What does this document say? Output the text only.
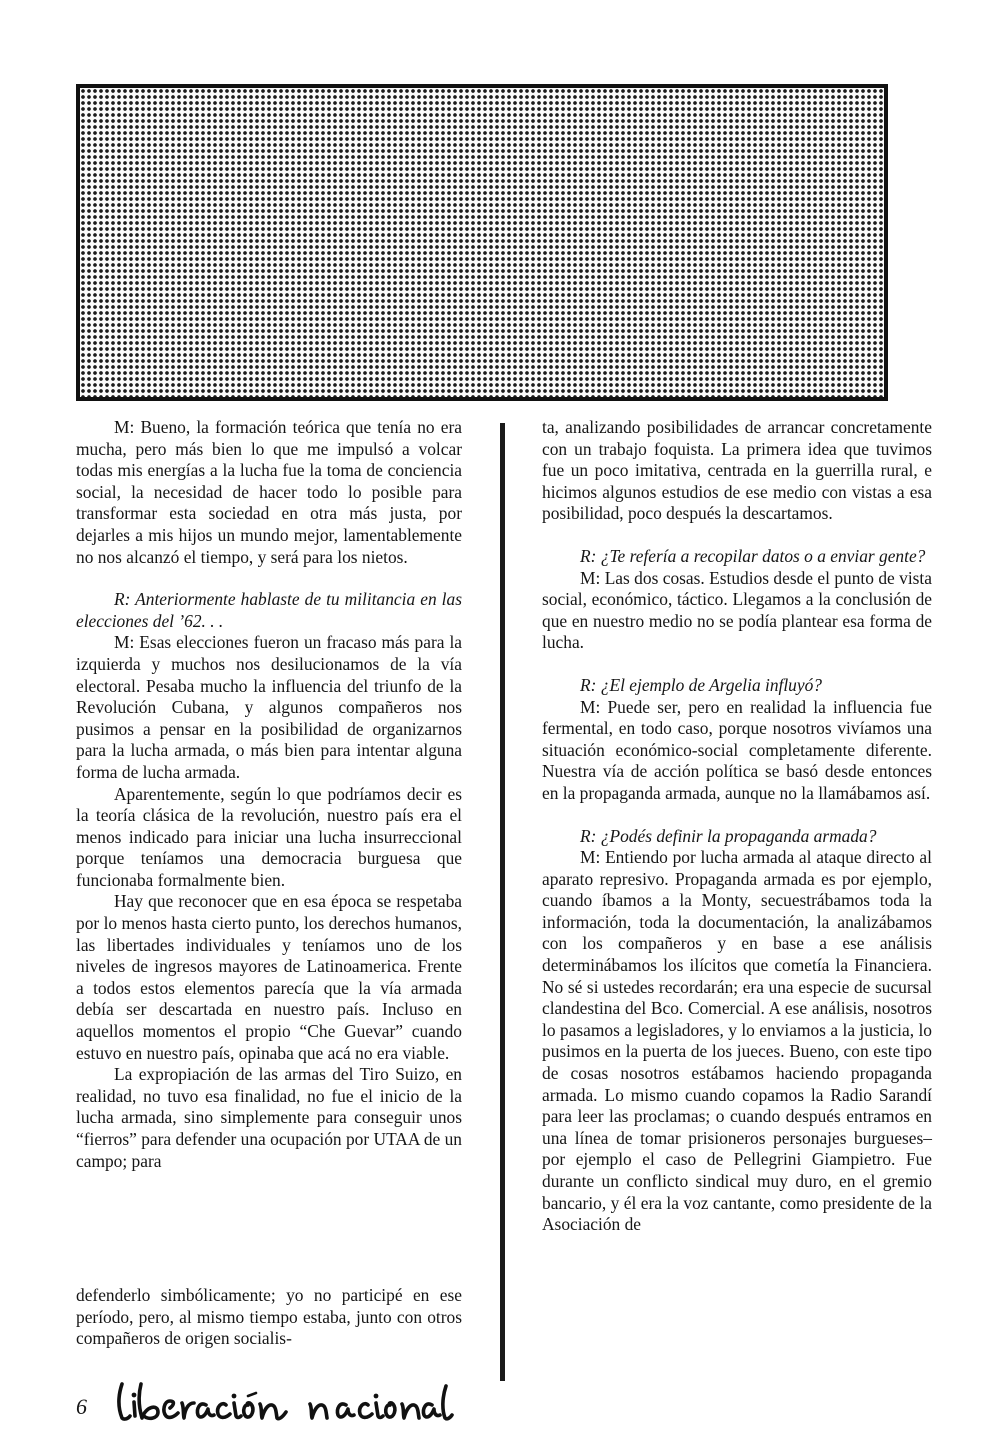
M: Bueno, la formación teórica que tenía no era mucha, pero más bien lo que me impulsó a volcar todas mis energías a la lucha fue la toma de conciencia social, la necesidad de hacer todo lo posible para transformar esta sociedad en otra más justa, por dejarles a mis hijos un mundo mejor, lamentablemente no nos alcanzó el tiempo, y será para los nietos.

R: Anteriormente hablaste de tu militancia en las elecciones del ’62. . .

M: Esas elecciones fueron un fracaso más para la izquierda y muchos nos desilucionamos de la vía electoral. Pesaba mucho la influencia del triunfo de la Revolución Cubana, y algunos compañeros nos pusimos a pensar en la posibilidad de organizarnos para la lucha armada, o más bien para intentar alguna forma de lucha armada.

Aparentemente, según lo que podríamos decir es la teoría clásica de la revolución, nuestro país era el menos indicado para iniciar una lucha insurreccional porque teníamos una democracia burguesa que funcionaba formalmente bien.

Hay que reconocer que en esa época se respetaba por lo menos hasta cierto punto, los derechos humanos, las libertades individuales y teníamos uno de los niveles de ingresos mayores de Latinoamerica. Frente a todos estos elementos parecía que la vía armada debía ser descartada en nuestro país. Incluso en aquellos momentos el propio “Che Guevar” cuando estuvo en nuestro país, opinaba que acá no era viable.

La expropiación de las armas del Tiro Suizo, en realidad, no tuvo esa finalidad, no fue el inicio de la lucha armada, sino simplemente para conseguir unos “fierros” para defender una ocupación por UTAA de un campo; para

defenderlo simbólicamente; yo no participé en ese período, pero, al mismo tiempo estaba, junto con otros compañeros de origen socialis-

ta, analizando posibilidades de arrancar concretamente con un trabajo foquista. La primera idea que tuvimos fue un poco imitativa, centrada en la guerrilla rural, e hicimos algunos estudios de ese medio con vistas a esa posibilidad, poco después la descartamos.

R: ¿Te refería a recopilar datos o a enviar gente?

M: Las dos cosas. Estudios desde el punto de vista social, económico, táctico. Llegamos a la conclusión de que en nuestro medio no se podía plantear esa forma de lucha.

R: ¿El ejemplo de Argelia influyó?

M: Puede ser, pero en realidad la influencia fue fermental, en todo caso, porque nosotros vivíamos una situación económico-social completamente diferente. Nuestra vía de acción política se basó desde entonces en la propaganda armada, aunque no la llamábamos así.

R: ¿Podés definir la propaganda armada?

M: Entiendo por lucha armada al ataque directo al aparato represivo. Propaganda armada es por ejemplo, cuando íbamos a la Monty, secuestrábamos toda la información, toda la documentación, la analizábamos con los compañeros y en base a ese análisis determinábamos los ilícitos que cometía la Financiera. No sé si ustedes recordarán; era una especie de sucursal clandestina del Bco. Comercial. A ese análisis, nosotros lo pasamos a legisladores, y lo enviamos a la justicia, lo pusimos en la puerta de los jueces. Bueno, con este tipo de cosas nosotros estábamos haciendo propaganda armada. Lo mismo cuando copamos la Radio Sarandí para leer las proclamas; o cuando después entramos en una línea de tomar prisioneros personajes burgueses– por ejemplo el caso de Pellegrini Giampietro. Fue durante un conflicto sindical muy duro, en el gremio bancario, y él era la voz cantante, como presidente de la Asociación de

6
